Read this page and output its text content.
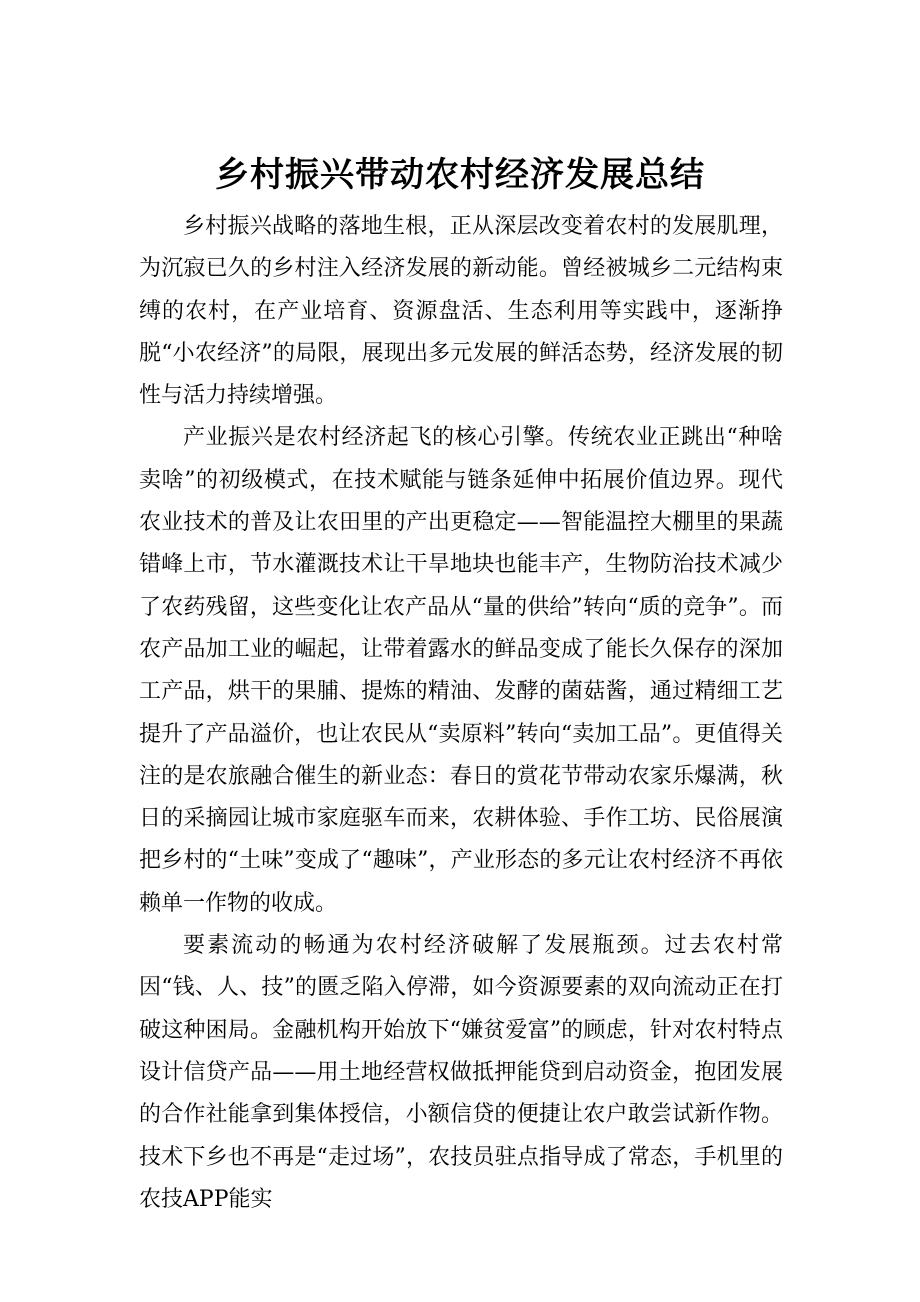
乡村振兴带动农村经济发展总结

乡村振兴战略的落地生根，正从深层改变着农村的发展肌理，为沉寂已久的乡村注入经济发展的新动能。曾经被城乡二元结构束缚的农村，在产业培育、资源盘活、生态利用等实践中，逐渐挣脱“小农经济”的局限，展现出多元发展的鲜活态势，经济发展的韧性与活力持续增强。

产业振兴是农村经济起飞的核心引擎。传统农业正跳出“种啥卖啥”的初级模式，在技术赋能与链条延伸中拓展价值边界。现代农业技术的普及让农田里的产出更稳定——智能温控大棚里的果蔬错峰上市，节水灌溉技术让干旱地块也能丰产，生物防治技术减少了农药残留，这些变化让农产品从“量的供给”转向“质的竞争”。而农产品加工业的崛起，让带着露水的鲜品变成了能长久保存的深加工产品，烘干的果脯、提炼的精油、发酵的菌菇酱，通过精细工艺提升了产品溢价，也让农民从“卖原料”转向“卖加工品”。更值得关注的是农旅融合催生的新业态：春日的赏花节带动农家乐爆满，秋日的采摘园让城市家庭驱车而来，农耕体验、手作工坊、民俗展演把乡村的“土味”变成了“趣味”，产业形态的多元让农村经济不再依赖单一作物的收成。

要素流动的畅通为农村经济破解了发展瓶颈。过去农村常因“钱、人、技”的匮乏陷入停滞，如今资源要素的双向流动正在打破这种困局。金融机构开始放下“嫌贫爱富”的顾虑，针对农村特点设计信贷产品——用土地经营权做抵押能贷到启动资金，抱团发展的合作社能拿到集体授信，小额信贷的便捷让农户敢尝试新作物。技术下乡也不再是“走过场”，农技员驻点指导成了常态，手机里的农技APP能实
